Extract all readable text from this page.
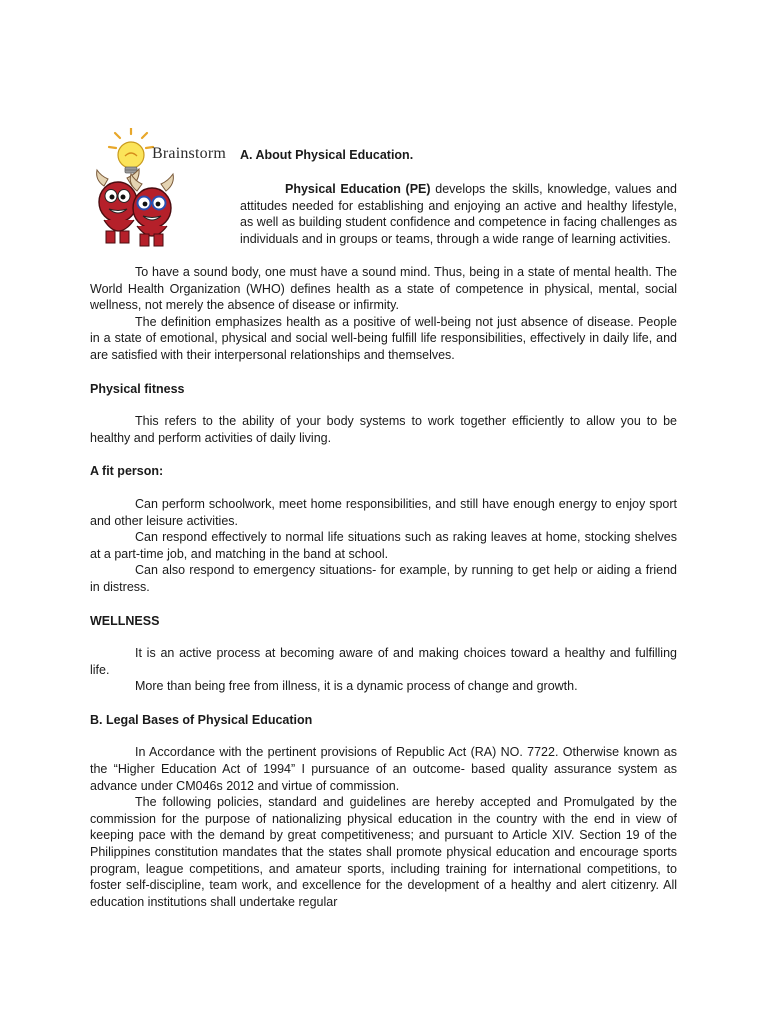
Brainstorm A. About Physical Education.

Physical Education (PE) develops the skills, knowledge, values and attitudes needed for establishing and enjoying an active and healthy lifestyle, as well as building student confidence and competence in facing challenges as individuals and in groups or teams, through a wide range of learning activities.

To have a sound body, one must have a sound mind. Thus, being in a state of mental health. The World Health Organization (WHO) defines health as a state of competence in physical, mental, social wellness, not merely the absence of disease or infirmity.

The definition emphasizes health as a positive of well-being not just absence of disease. People in a state of emotional, physical and social well-being fulfill life responsibilities, effectively in daily life, and are satisfied with their interpersonal relationships and themselves.

Physical fitness

This refers to the ability of your body systems to work together efficiently to allow you to be healthy and perform activities of daily living.

A fit person:

Can perform schoolwork, meet home responsibilities, and still have enough energy to enjoy sport and other leisure activities.

Can respond effectively to normal life situations such as raking leaves at home, stocking shelves at a part-time job, and matching in the band at school.

Can also respond to emergency situations- for example, by running to get help or aiding a friend in distress.

WELLNESS

It is an active process at becoming aware of and making choices toward a healthy and fulfilling life.

More than being free from illness, it is a dynamic process of change and growth.

B. Legal Bases of Physical Education

In Accordance with the pertinent provisions of Republic Act (RA) NO. 7722. Otherwise known as the “Higher Education Act of 1994” I pursuance of an outcome- based quality assurance system as advance under CM046s 2012 and virtue of commission.

The following policies, standard and guidelines are hereby accepted and Promulgated by the commission for the purpose of nationalizing physical education in the country with the end in view of keeping pace with the demand by great competitiveness; and pursuant to Article XIV. Section 19 of the Philippines constitution mandates that the states shall promote physical education and encourage sports program, league competitions, and amateur sports, including training for international competitions, to foster self-discipline, team work, and excellence for the development of a healthy and alert citizenry. All education institutions shall undertake regular
